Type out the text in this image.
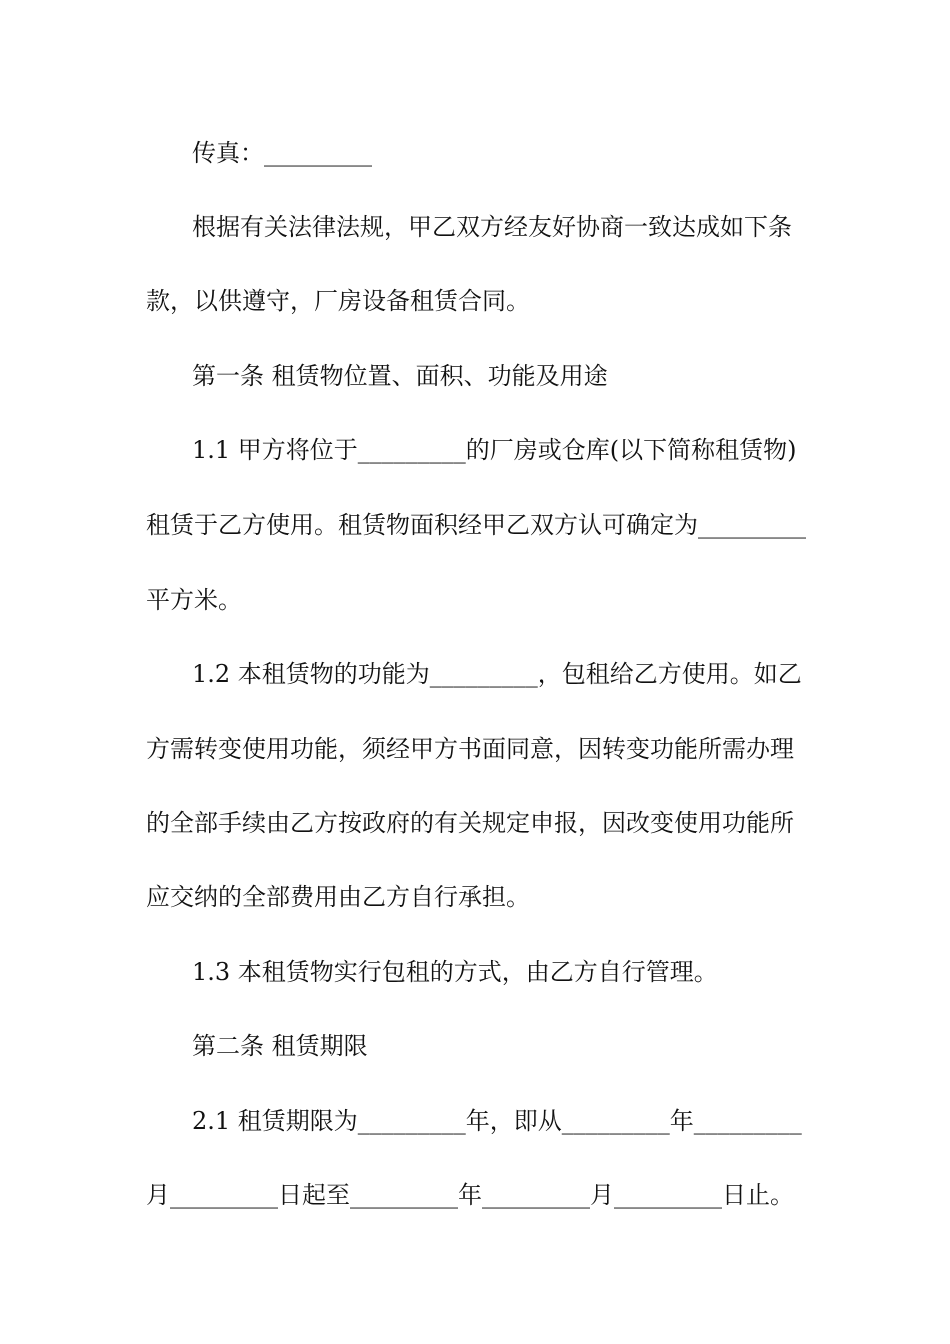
传真：_________
根据有关法律法规，甲乙双方经友好协商一致达成如下条
款，以供遵守，厂房设备租赁合同。
第一条 租赁物位置、面积、功能及用途
1.1 甲方将位于_________的厂房或仓库(以下简称租赁物)
租赁于乙方使用。租赁物面积经甲乙双方认可确定为_________
平方米。
1.2 本租赁物的功能为_________，包租给乙方使用。如乙
方需转变使用功能，须经甲方书面同意，因转变功能所需办理
的全部手续由乙方按政府的有关规定申报，因改变使用功能所
应交纳的全部费用由乙方自行承担。
1.3 本租赁物实行包租的方式，由乙方自行管理。
第二条 租赁期限
2.1 租赁期限为_________年，即从_________年_________
月_________日起至_________年_________月_________日止。
